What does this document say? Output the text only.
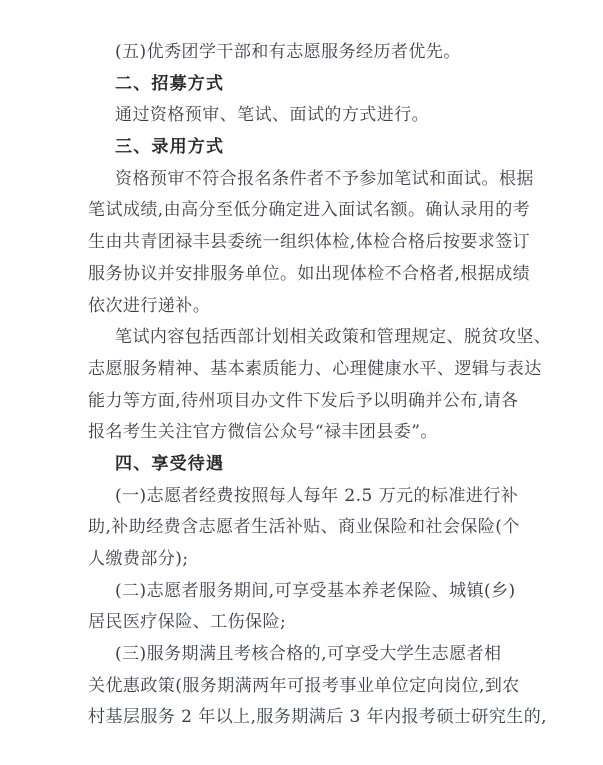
(五)优秀团学干部和有志愿服务经历者优先。
二、招募方式
通过资格预审、笔试、面试的方式进行。
三、录用方式
资格预审不符合报名条件者不予参加笔试和面试。根据
笔试成绩,由高分至低分确定进入面试名额。确认录用的考
生由共青团禄丰县委统一组织体检,体检合格后按要求签订
服务协议并安排服务单位。如出现体检不合格者,根据成绩
依次进行递补。
笔试内容包括西部计划相关政策和管理规定、脱贫攻坚、
志愿服务精神、基本素质能力、心理健康水平、逻辑与表达
能力等方面,待州项目办文件下发后予以明确并公布,请各
报名考生关注官方微信公众号“禄丰团县委”。
四、享受待遇
(一)志愿者经费按照每人每年 2.5 万元的标准进行补
助,补助经费含志愿者生活补贴、商业保险和社会保险(个
人缴费部分);
(二)志愿者服务期间,可享受基本养老保险、城镇(乡)
居民医疗保险、工伤保险;
(三)服务期满且考核合格的,可享受大学生志愿者相
关优惠政策(服务期满两年可报考事业单位定向岗位,到农
村基层服务 2 年以上,服务期满后 3 年内报考硕士研究生的,
